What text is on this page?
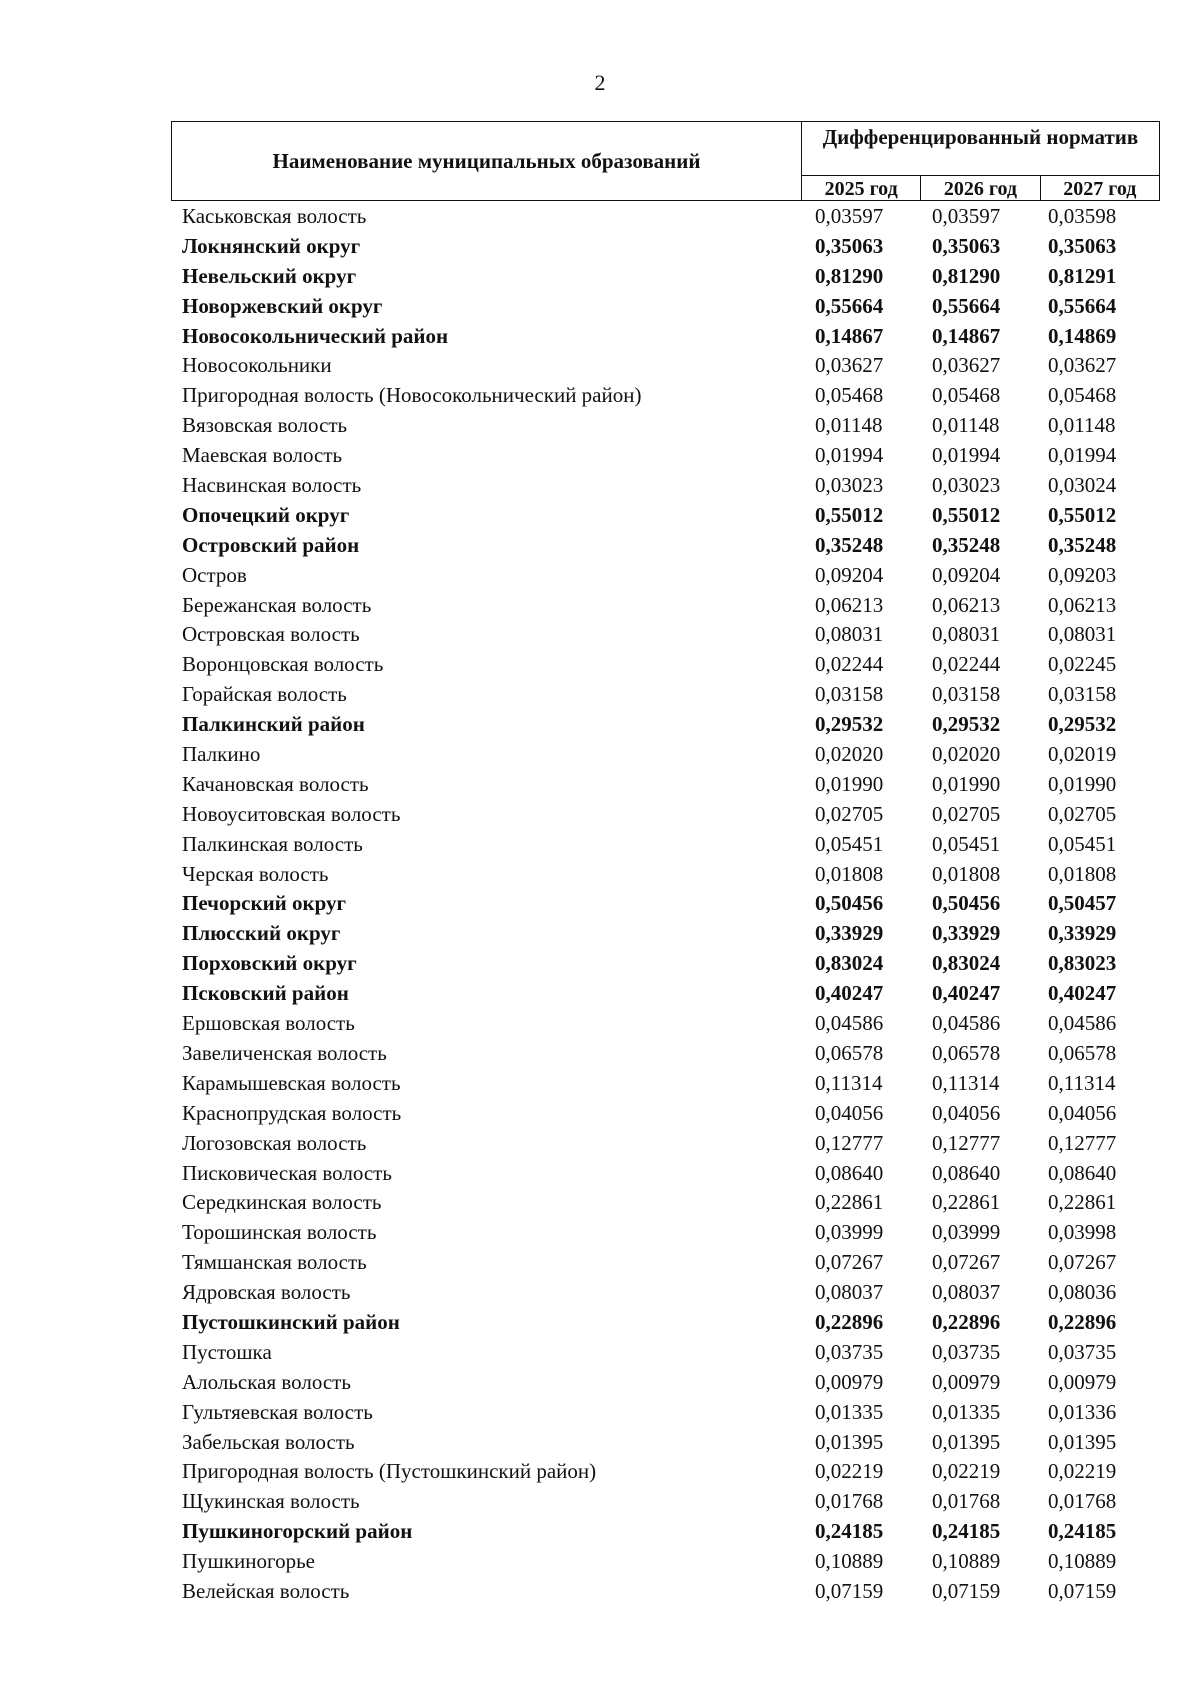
2
Наименование муниципальных образований
Дифференцированный норматив
2025 год	2026 год	2027 год
Каськовская волость	0,03597 0,03597 0,03598
Локнянский округ	0,35063 0,35063 0,35063
Невельский округ	0,81290 0,81290 0,81291
Новоржевский округ	0,55664 0,55664 0,55664
Новосокольнический район	0,14867 0,14867 0,14869
Новосокольники	0,03627 0,03627 0,03627
Пригородная волость (Новосокольнический район)	0,05468 0,05468 0,05468
Вязовская волость	0,01148 0,01148 0,01148
Маевская волость	0,01994 0,01994 0,01994
Насвинская волость	0,03023 0,03023 0,03024
Опочецкий округ	0,55012 0,55012 0,55012
Островский район	0,35248 0,35248 0,35248
Остров	0,09204 0,09204 0,09203
Бережанская волость	0,06213 0,06213 0,06213
Островская волость	0,08031 0,08031 0,08031
Воронцовская волость	0,02244 0,02244 0,02245
Горайская волость	0,03158 0,03158 0,03158
Палкинский район	0,29532 0,29532 0,29532
Палкино	0,02020 0,02020 0,02019
Качановская волость	0,01990 0,01990 0,01990
Новоуситовская волость	0,02705 0,02705 0,02705
Палкинская волость	0,05451 0,05451 0,05451
Черская волость	0,01808 0,01808 0,01808
Печорский округ	0,50456 0,50456 0,50457
Плюсский округ	0,33929 0,33929 0,33929
Порховский округ	0,83024 0,83024 0,83023
Псковский район	0,40247 0,40247 0,40247
Ершовская волость	0,04586 0,04586 0,04586
Завеличенская волость	0,06578 0,06578 0,06578
Карамышевская волость	0,11314 0,11314 0,11314
Краснопрудская волость	0,04056 0,04056 0,04056
Логозовская волость	0,12777 0,12777 0,12777
Писковическая волость	0,08640 0,08640 0,08640
Середкинская волость	0,22861 0,22861 0,22861
Торошинская волость	0,03999 0,03999 0,03998
Тямшанская волость	0,07267 0,07267 0,07267
Ядровская волость	0,08037 0,08037 0,08036
Пустошкинский район	0,22896 0,22896 0,22896
Пустошка	0,03735 0,03735 0,03735
Алольская волость	0,00979 0,00979 0,00979
Гультяевская волость	0,01335 0,01335 0,01336
Забельская волость	0,01395 0,01395 0,01395
Пригородная волость (Пустошкинский район)	0,02219 0,02219 0,02219
Щукинская волость	0,01768 0,01768 0,01768
Пушкиногорский район	0,24185 0,24185 0,24185
Пушкиногорье	0,10889 0,10889 0,10889
Велейская волость	0,07159 0,07159 0,07159
